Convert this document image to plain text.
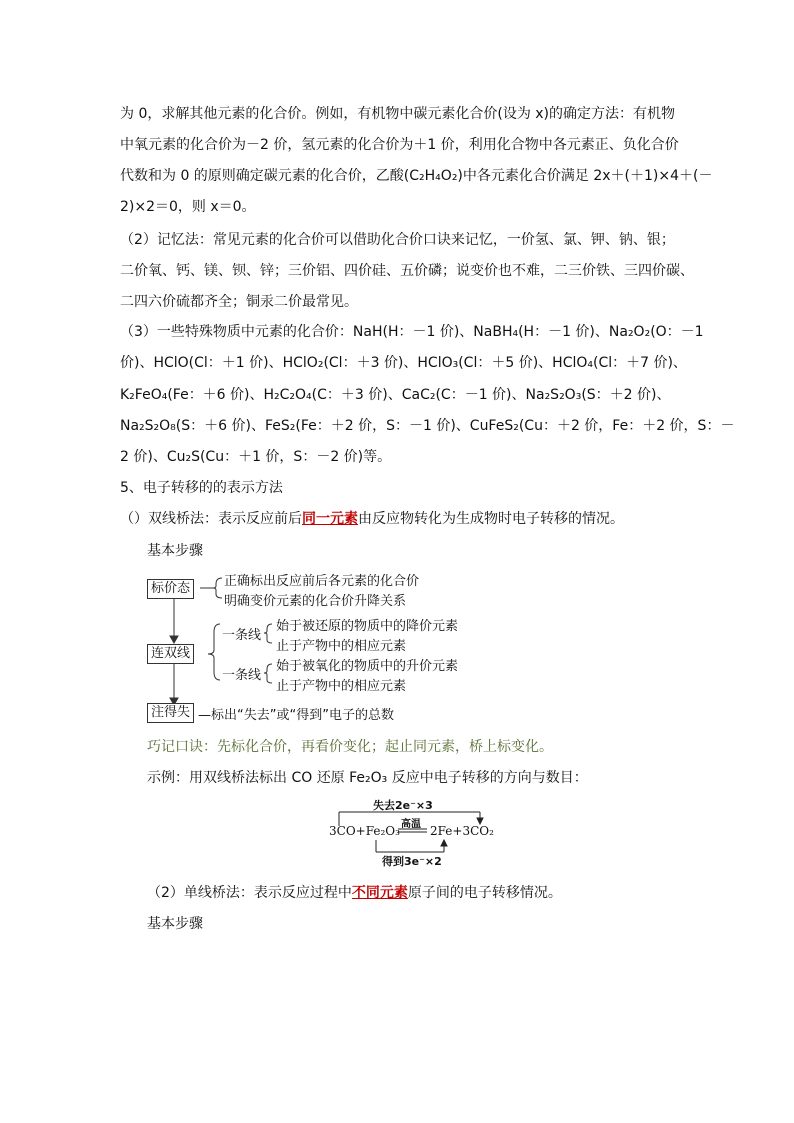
为 0，求解其他元素的化合价。例如，有机物中碳元素化合价(设为 x)的确定方法：有机物
中氧元素的化合价为－2 价，氢元素的化合价为＋1 价，利用化合物中各元素正、负化合价
代数和为 0 的原则确定碳元素的化合价，乙酸(C₂H₄O₂)中各元素化合价满足 2x＋(＋1)×4＋(－
2)×2＝0，则 x＝0。
（2）记忆法：常见元素的化合价可以借助化合价口诀来记忆，一价氢、氯、钾、钠、银；
二价氧、钙、镁、钡、锌；三价铝、四价硅、五价磷；说变价也不难，二三价铁、三四价碳、
二四六价硫都齐全；铜汞二价最常见。
（3）一些特殊物质中元素的化合价：NaH(H：－1 价)、NaBH₄(H：－1 价)、Na₂O₂(O：－1
价)、HClO(Cl：＋1 价)、HClO₂(Cl：＋3 价)、HClO₃(Cl：＋5 价)、HClO₄(Cl：＋7 价)、
K₂FeO₄(Fe：＋6 价)、H₂C₂O₄(C：＋3 价)、CaC₂(C：－1 价)、Na₂S₂O₃(S：＋2 价)、
Na₂S₂O₈(S：＋6 价)、FeS₂(Fe：＋2 价，S：－1 价)、CuFeS₂(Cu：＋2 价，Fe：＋2 价，S：－
2 价)、Cu₂S(Cu：＋1 价，S：－2 价)等。
5、电子转移的的表示方法
（）双线桥法：表示反应前后同一元素由反应物转化为生成物时电子转移的情况。
基本步骤
标价态	正确标出反应前后各元素的化合价
明确变价元素的化合价升降关系
连双线
一条线
始于被还原的物质中的降价元素
止于产物中的相应元素
一条线
始于被氧化的物质中的升价元素
止于产物中的相应元素
注得失 —标出“失去”或“得到”电子的总数
巧记口诀：先标化合价，再看价变化；起止同元素，桥上标变化。
示例：用双线桥法标出 CO 还原 Fe₂O₃ 反应中电子转移的方向与数目：
失去2e⁻×3
3CO+Fe₂O₃ 高温 2Fe+3CO₂
得到3e⁻×2
（2）单线桥法：表示反应过程中不同元素原子间的电子转移情况。
基本步骤
